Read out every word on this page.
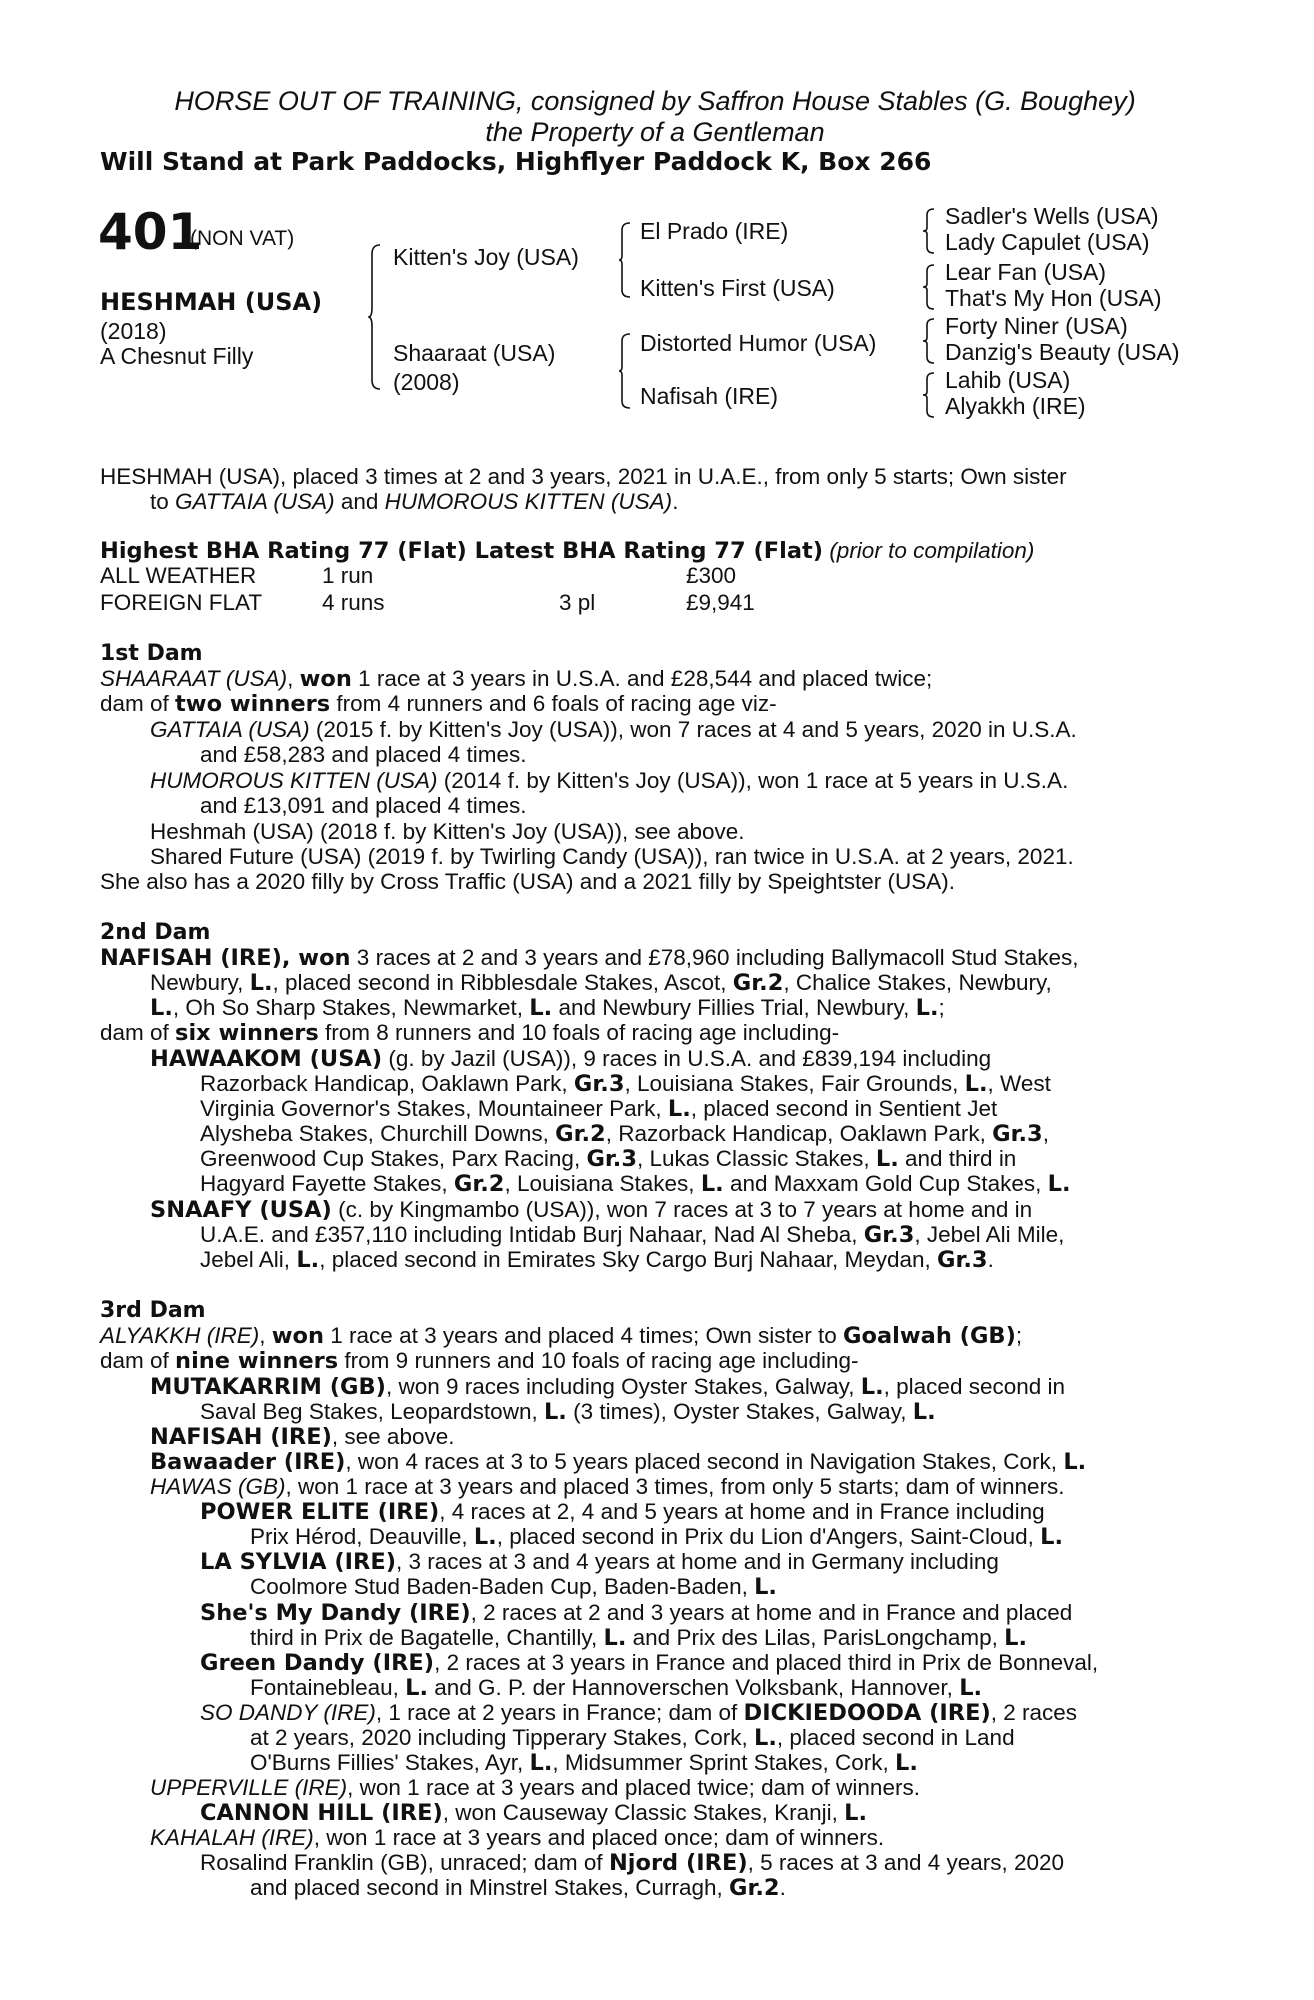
HORSE OUT OF TRAINING, consigned by Saffron House Stables (G. Boughey)
the Property of a Gentleman
Will Stand at Park Paddocks, Highflyer Paddock K, Box 266
401
(NON VAT)
HESHMAH (USA)
(2018)
A Chesnut Filly
Kitten's Joy (USA)
Shaaraat (USA)
(2008)
El Prado (IRE)
Kitten's First (USA)
Distorted Humor (USA)
Nafisah (IRE)
Sadler's Wells (USA)
Lady Capulet (USA)
Lear Fan (USA)
That's My Hon (USA)
Forty Niner (USA)
Danzig's Beauty (USA)
Lahib (USA)
Alyakkh (IRE)
HESHMAH (USA), placed 3 times at 2 and 3 years, 2021 in U.A.E., from only 5 starts; Own sister
to GATTAIA (USA) and HUMOROUS KITTEN (USA).
Highest BHA Rating 77 (Flat) Latest BHA Rating 77 (Flat) (prior to compilation)
ALL WEATHER	1 run	£300
FOREIGN FLAT	4 runs	3 pl	£9,941
1st Dam
SHAARAAT (USA), won 1 race at 3 years in U.S.A. and £28,544 and placed twice;
dam of two winners from 4 runners and 6 foals of racing age viz-
GATTAIA (USA) (2015 f. by Kitten's Joy (USA)), won 7 races at 4 and 5 years, 2020 in U.S.A.
and £58,283 and placed 4 times.
HUMOROUS KITTEN (USA) (2014 f. by Kitten's Joy (USA)), won 1 race at 5 years in U.S.A.
and £13,091 and placed 4 times.
Heshmah (USA) (2018 f. by Kitten's Joy (USA)), see above.
Shared Future (USA) (2019 f. by Twirling Candy (USA)), ran twice in U.S.A. at 2 years, 2021.
She also has a 2020 filly by Cross Traffic (USA) and a 2021 filly by Speightster (USA).
2nd Dam
NAFISAH (IRE), won 3 races at 2 and 3 years and £78,960 including Ballymacoll Stud Stakes,
Newbury, L., placed second in Ribblesdale Stakes, Ascot, Gr.2, Chalice Stakes, Newbury,
L., Oh So Sharp Stakes, Newmarket, L. and Newbury Fillies Trial, Newbury, L.;
dam of six winners from 8 runners and 10 foals of racing age including-
HAWAAKOM (USA) (g. by Jazil (USA)), 9 races in U.S.A. and £839,194 including
Razorback Handicap, Oaklawn Park, Gr.3, Louisiana Stakes, Fair Grounds, L., West
Virginia Governor's Stakes, Mountaineer Park, L., placed second in Sentient Jet
Alysheba Stakes, Churchill Downs, Gr.2, Razorback Handicap, Oaklawn Park, Gr.3,
Greenwood Cup Stakes, Parx Racing, Gr.3, Lukas Classic Stakes, L. and third in
Hagyard Fayette Stakes, Gr.2, Louisiana Stakes, L. and Maxxam Gold Cup Stakes, L.
SNAAFY (USA) (c. by Kingmambo (USA)), won 7 races at 3 to 7 years at home and in
U.A.E. and £357,110 including Intidab Burj Nahaar, Nad Al Sheba, Gr.3, Jebel Ali Mile,
Jebel Ali, L., placed second in Emirates Sky Cargo Burj Nahaar, Meydan, Gr.3.
3rd Dam
ALYAKKH (IRE), won 1 race at 3 years and placed 4 times; Own sister to Goalwah (GB);
dam of nine winners from 9 runners and 10 foals of racing age including-
MUTAKARRIM (GB), won 9 races including Oyster Stakes, Galway, L., placed second in
Saval Beg Stakes, Leopardstown, L. (3 times), Oyster Stakes, Galway, L.
NAFISAH (IRE), see above.
Bawaader (IRE), won 4 races at 3 to 5 years placed second in Navigation Stakes, Cork, L.
HAWAS (GB), won 1 race at 3 years and placed 3 times, from only 5 starts; dam of winners.
POWER ELITE (IRE), 4 races at 2, 4 and 5 years at home and in France including
Prix Hérod, Deauville, L., placed second in Prix du Lion d'Angers, Saint-Cloud, L.
LA SYLVIA (IRE), 3 races at 3 and 4 years at home and in Germany including
Coolmore Stud Baden-Baden Cup, Baden-Baden, L.
She's My Dandy (IRE), 2 races at 2 and 3 years at home and in France and placed
third in Prix de Bagatelle, Chantilly, L. and Prix des Lilas, ParisLongchamp, L.
Green Dandy (IRE), 2 races at 3 years in France and placed third in Prix de Bonneval,
Fontainebleau, L. and G. P. der Hannoverschen Volksbank, Hannover, L.
SO DANDY (IRE), 1 race at 2 years in France; dam of DICKIEDOODA (IRE), 2 races
at 2 years, 2020 including Tipperary Stakes, Cork, L., placed second in Land
O'Burns Fillies' Stakes, Ayr, L., Midsummer Sprint Stakes, Cork, L.
UPPERVILLE (IRE), won 1 race at 3 years and placed twice; dam of winners.
CANNON HILL (IRE), won Causeway Classic Stakes, Kranji, L.
KAHALAH (IRE), won 1 race at 3 years and placed once; dam of winners.
Rosalind Franklin (GB), unraced; dam of Njord (IRE), 5 races at 3 and 4 years, 2020
and placed second in Minstrel Stakes, Curragh, Gr.2.
